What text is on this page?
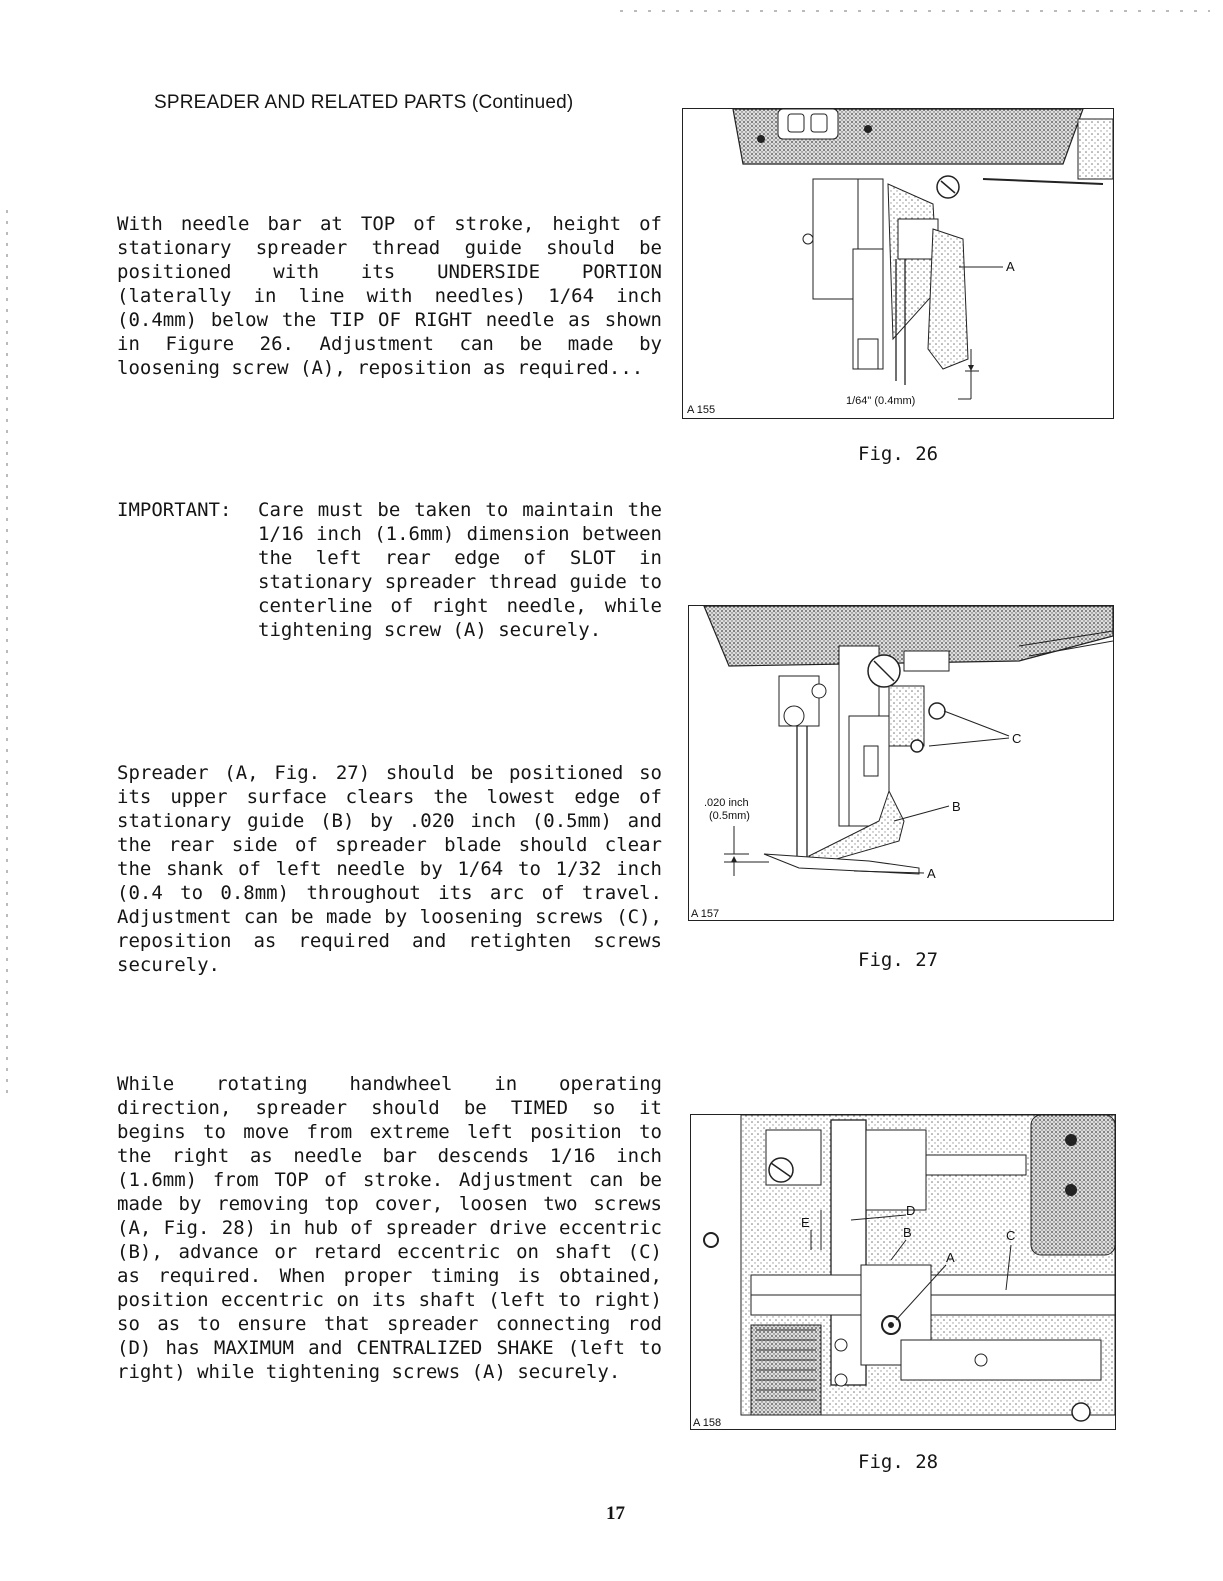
SPREADER AND RELATED PARTS (Continued)

With needle bar at TOP of stroke, height of stationary spreader thread guide should be positioned with its UNDERSIDE PORTION (laterally in line with needles) 1/64 inch (0.4mm) below the TIP OF RIGHT needle as shown in Figure 26. Adjustment can be made by loosening screw (A), reposition as required...

IMPORTANT: Care must be taken to maintain the 1/16 inch (1.6mm) dimension between the left rear edge of SLOT in stationary spreader thread guide to centerline of right needle, while tightening screw (A) securely.

Spreader (A, Fig. 27) should be positioned so its upper surface clears the lowest edge of stationary guide (B) by .020 inch (0.5mm) and the rear side of spreader blade should clear the shank of left needle by 1/64 to 1/32 inch (0.4 to 0.8mm) throughout its arc of travel. Adjustment can be made by loosening screws (C), reposition as required and retighten screws securely.

While rotating handwheel in operating direction, spreader should be TIMED so it begins to move from extreme left position to the right as needle bar descends 1/16 inch (1.6mm) from TOP of stroke. Adjustment can be made by removing top cover, loosen two screws (A, Fig. 28) in hub of spreader drive eccentric (B), advance or retard eccentric on shaft (C) as required. When proper timing is obtained, position eccentric on its shaft (left to right) so as to ensure that spreader connecting rod (D) has MAXIMUM and CENTRALIZED SHAKE (left to right) while tightening screws (A) securely.

A
1/64" (0.4mm)
A 155
Fig. 26
C
B
A
.020 inch
(0.5mm)
A 157
Fig. 27
E
D
B
A
C
A 158
Fig. 28
17
